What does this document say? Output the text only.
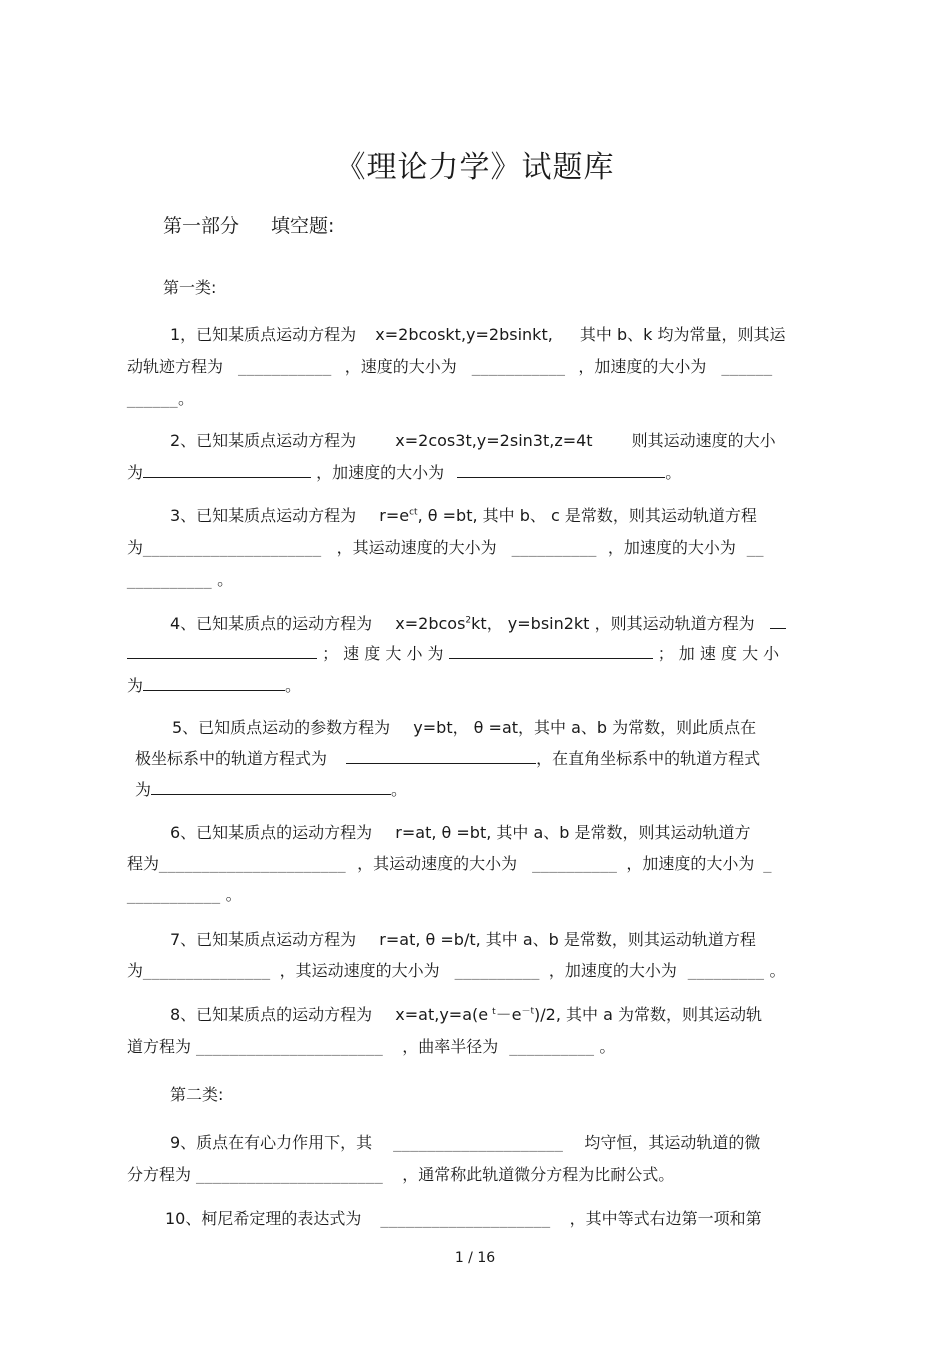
《理论力学》试题库
第一部分 填空题:
第一类:
1，已知某质点运动方程为 x=2bcoskt,y=2bsinkt, 其中 b、k 均为常量，则其运
动轨迹方程为 ___________ ，速度的大小为 ___________ ，加速度的大小为 ______
______。
2、已知某质点运动方程为 x=2cos3t,y=2sin3t,z=4t 则其运动速度的大小
为	，加速度的大小为	。
3、已知某质点运动方程为 $r=e^{ct}$, θ =bt, 其中 b、 c 是常数，则其运动轨道方程
为_____________________ ，其运动速度的大小为 __________ ，加速度的大小为 __
__________ 。
4、已知某质点的运动方程为 x=2bcos$^2$kt， y=bsin2kt ，则其运动轨道方程为
； 速 度 大 小 为	； 加 速 度 大 小
为	。
5、已知质点运动的参数方程为 y=bt， θ =at，其中 a、b 为常数，则此质点在
极坐标系中的轨道方程式为	，在直角坐标系中的轨道方程式
为	。
6、已知某质点的运动方程为 r=at, θ =bt, 其中 a、b 是常数，则其运动轨道方
程为______________________ ，其运动速度的大小为 __________ ，加速度的大小为 _
___________ 。
7、已知某质点运动方程为 r=at, θ =b/t, 其中 a、b 是常数，则其运动轨道方程
为_______________ ，其运动速度的大小为 __________ ，加速度的大小为 _________ 。
8、已知某质点的运动方程为 x=at,y=a(e $^t-e^{-t})/2$, 其中 a 为常数，则其运动轨
道方程为 ______________________ ，曲率半径为 __________ 。
第二类:
9、质点在有心力作用下，其 ____________________ 均守恒，其运动轨道的微
分方程为 ______________________ ，通常称此轨道微分方程为比耐公式。
10、柯尼希定理的表达式为 ____________________ ，其中等式右边第一项和第
1 / 16
